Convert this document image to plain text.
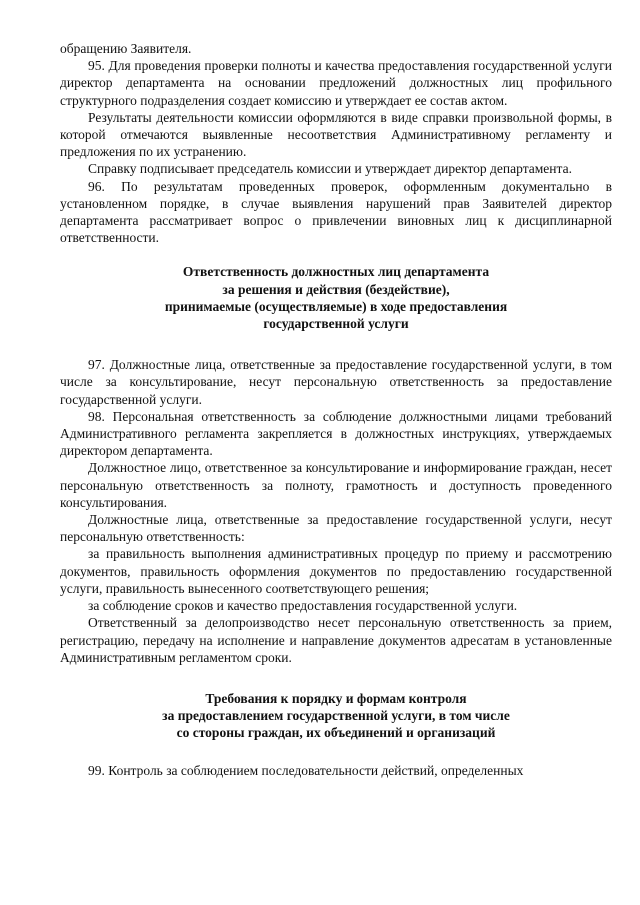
обращению Заявителя.

95. Для проведения проверки полноты и качества предоставления государственной услуги директор департамента на основании предложений должностных лиц профильного структурного подразделения создает комиссию и утверждает ее состав актом.

Результаты деятельности комиссии оформляются в виде справки произвольной формы, в которой отмечаются выявленные несоответствия Административному регламенту и предложения по их устранению.

Справку подписывает председатель комиссии и утверждает директор департамента.

96. По результатам проведенных проверок, оформленным документально в установленном порядке, в случае выявления нарушений прав Заявителей директор департамента рассматривает вопрос о привлечении виновных лиц к дисциплинарной ответственности.

Ответственность должностных лиц департамента

за решения и действия (бездействие),

принимаемые (осуществляемые) в ходе предоставления

государственной услуги

97. Должностные лица, ответственные за предоставление государственной услуги, в том числе за консультирование, несут персональную ответственность за предоставление государственной услуги.

98. Персональная ответственность за соблюдение должностными лицами требований Административного регламента закрепляется в должностных инструкциях, утверждаемых директором департамента.

Должностное лицо, ответственное за консультирование и информирование граждан, несет персональную ответственность за полноту, грамотность и доступность проведенного консультирования.

Должностные лица, ответственные за предоставление государственной услуги, несут персональную ответственность:

за правильность выполнения административных процедур по приему и рассмотрению документов, правильность оформления документов по предоставлению государственной услуги, правильность вынесенного соответствующего решения;

за соблюдение сроков и качество предоставления государственной услуги.

Ответственный за делопроизводство несет персональную ответственность за прием, регистрацию, передачу на исполнение и направление документов адресатам в установленные Административным регламентом сроки.

Требования к порядку и формам контроля

за предоставлением государственной услуги, в том числе

со стороны граждан, их объединений и организаций

99. Контроль за соблюдением последовательности действий, определенных
